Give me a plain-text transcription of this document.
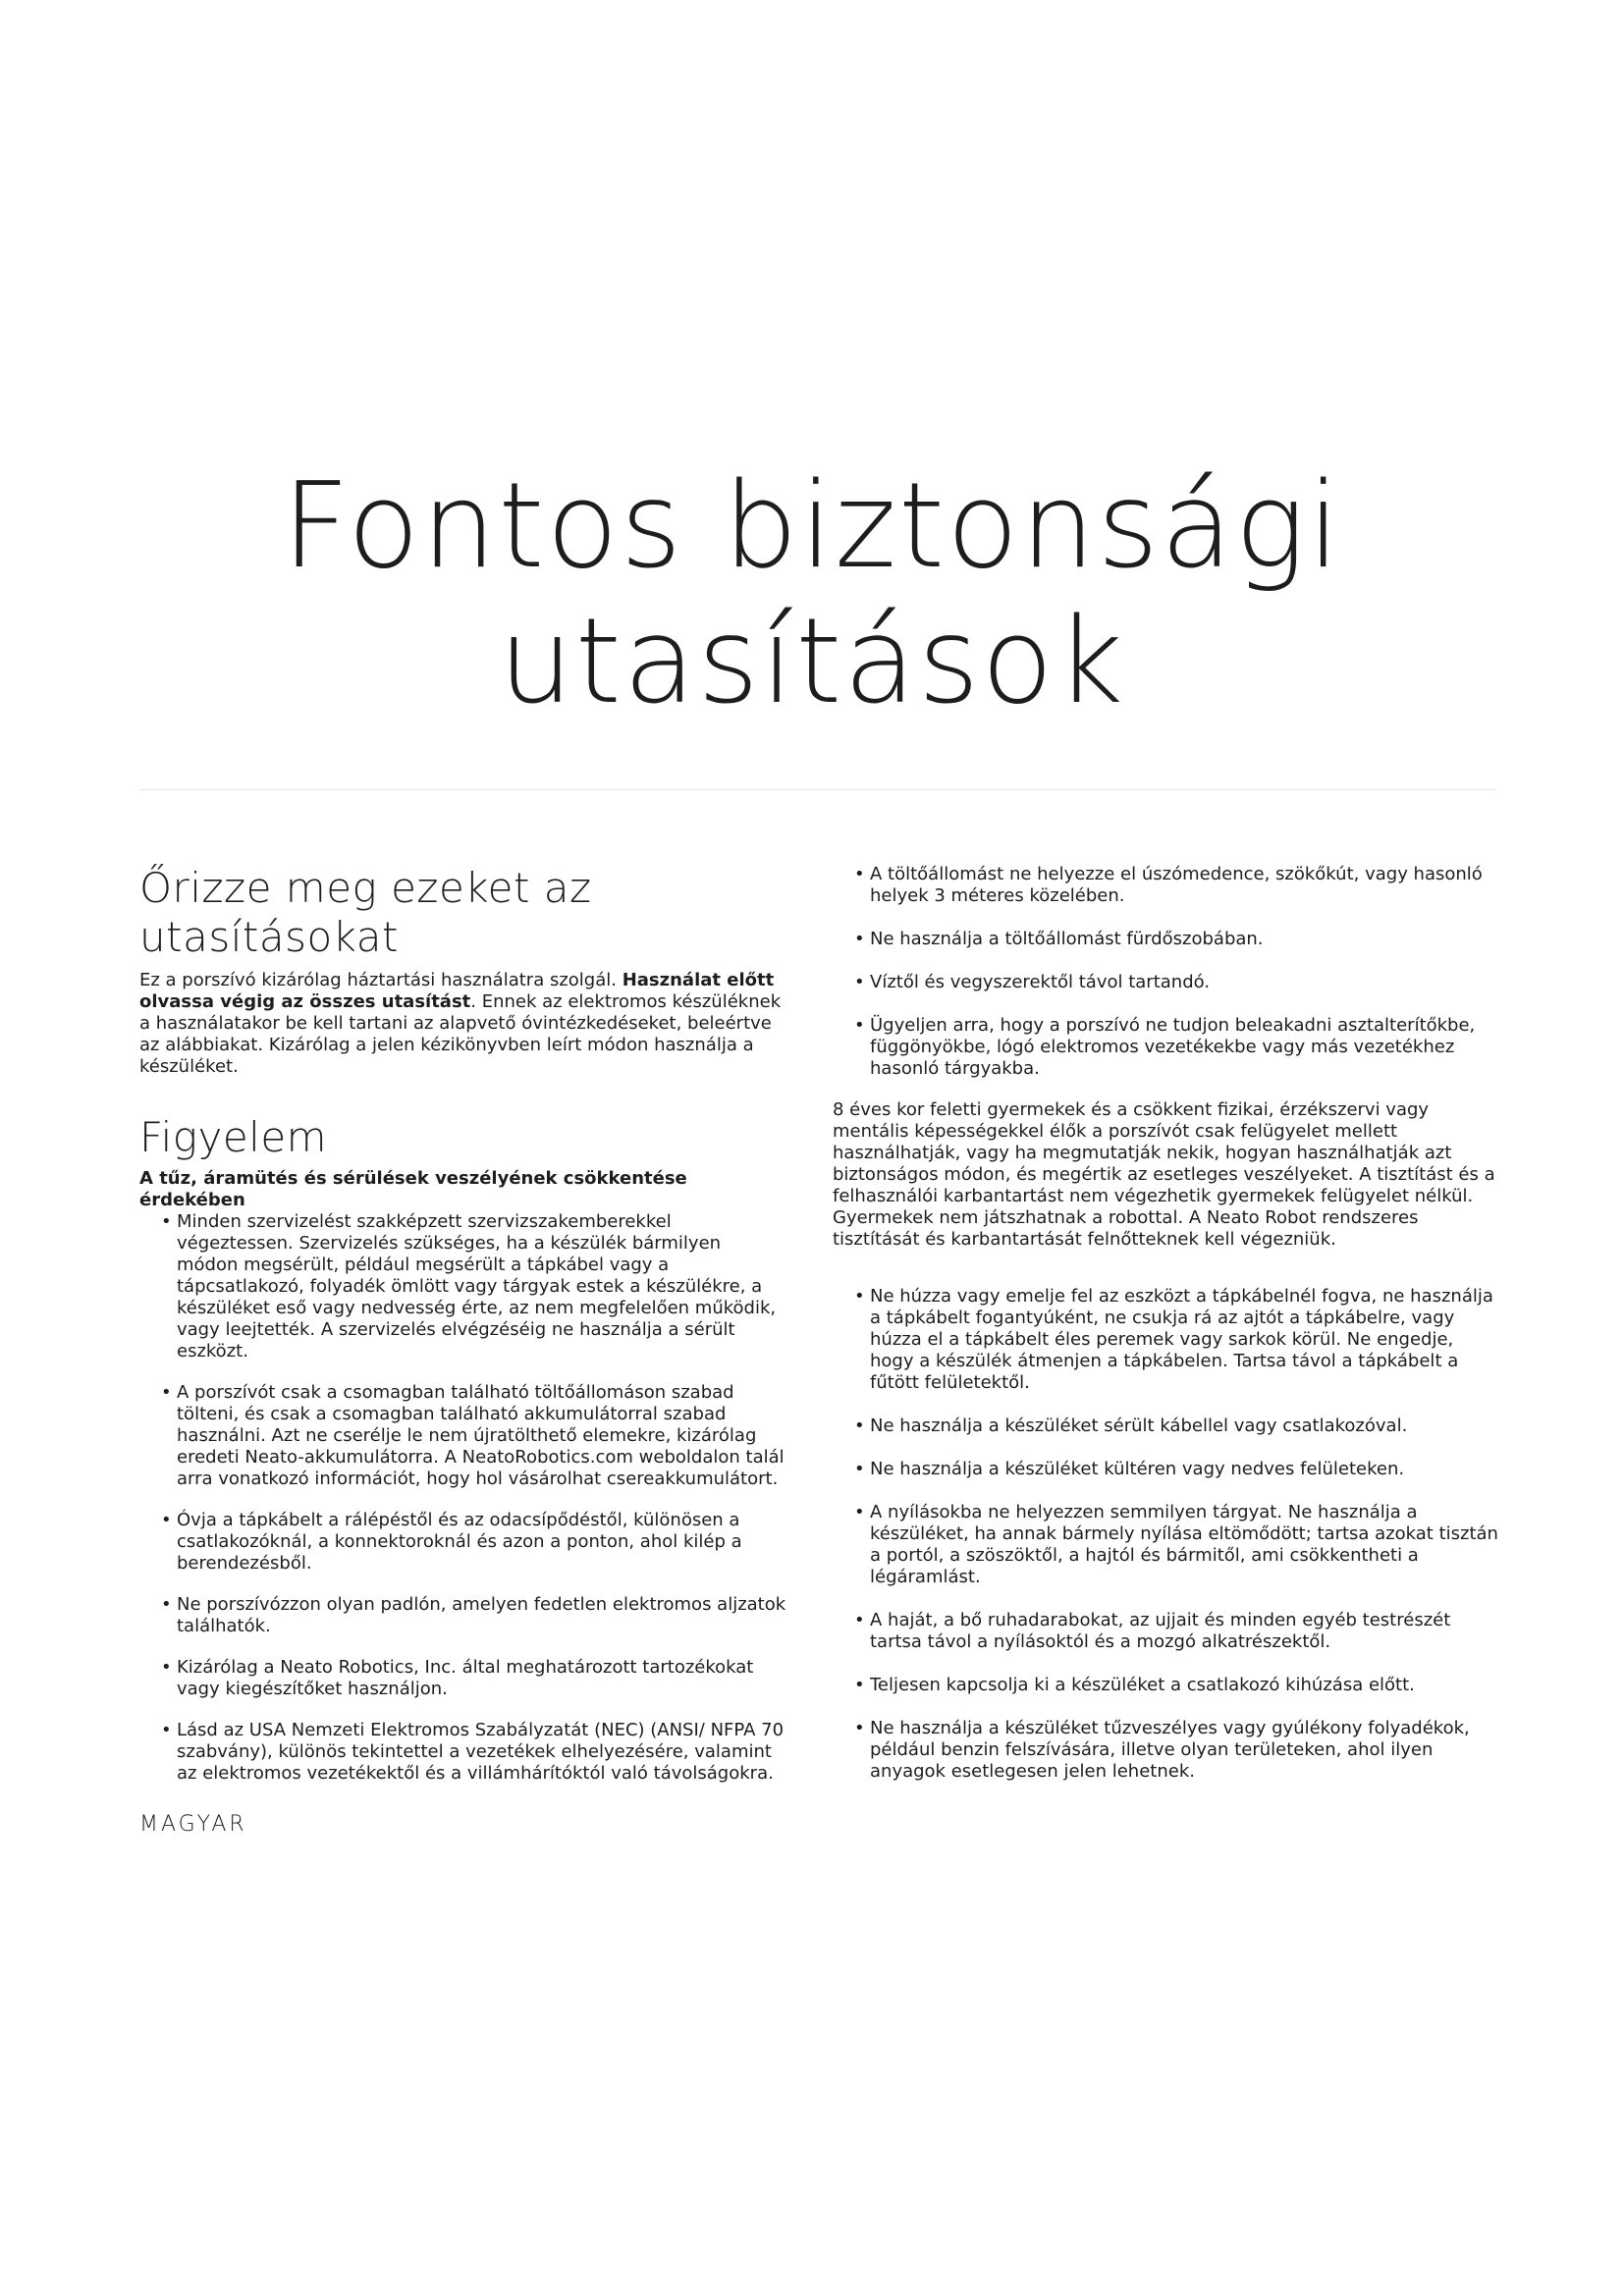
Fontos biztonsági
utasítások
Őrizze meg ezeket az utasításokat

Ez a porszívó kizárólag háztartási használatra szolgál. Használat előtt olvassa végig az összes utasítást. Ennek az elektromos készüléknek a használatakor be kell tartani az alapvető óvintézkedéseket, beleértve az alábbiakat. Kizárólag a jelen kézikönyvben leírt módon használja a készüléket.

Figyelem

A tűz, áramütés és sérülések veszélyének csökkentése érdekében

• Minden szervizelést szakképzett szervizszakemberekkel végeztessen. Szervizelés szükséges, ha a készülék bármilyen módon megsérült, például megsérült a tápkábel vagy a tápcsatlakozó, folyadék ömlött vagy tárgyak estek a készülékre, a készüléket eső vagy nedvesség érte, az nem megfelelően működik, vagy leejtették. A szervizelés elvégzéséig ne használja a sérült eszközt.
• A porszívót csak a csomagban található töltőállomáson szabad tölteni, és csak a csomagban található akkumulátorral szabad használni. Azt ne cserélje le nem újratölthető elemekre, kizárólag eredeti Neato-akkumulátorra. A NeatoRobotics.com weboldalon talál arra vonatkozó információt, hogy hol vásárolhat csereakkumulátort.
• Óvja a tápkábelt a rálépéstől és az odacsípődéstől, különösen a csatlakozóknál, a konnektoroknál és azon a ponton, ahol kilép a berendezésből.
• Ne porszívózzon olyan padlón, amelyen fedetlen elektromos aljzatok találhatók.
• Kizárólag a Neato Robotics, Inc. által meghatározott tartozékokat vagy kiegészítőket használjon.
• Lásd az USA Nemzeti Elektromos Szabályzatát (NEC) (ANSI/ NFPA 70 szabvány), különös tekintettel a vezetékek elhelyezésére, valamint az elektromos vezetékektől és a villámhárítóktól való távolságokra.
• A töltőállomást ne helyezze el úszómedence, szökőkút, vagy hasonló helyek 3 méteres közelében.
• Ne használja a töltőállomást fürdőszobában.
• Víztől és vegyszerektől távol tartandó.
• Ügyeljen arra, hogy a porszívó ne tudjon beleakadni asztalterítőkbe, függönyökbe, lógó elektromos vezetékekbe vagy más vezetékhez hasonló tárgyakba.

8 éves kor feletti gyermekek és a csökkent fizikai, érzékszervi vagy mentális képességekkel élők a porszívót csak felügyelet mellett használhatják, vagy ha megmutatják nekik, hogyan használhatják azt biztonságos módon, és megértik az esetleges veszélyeket. A tisztítást és a felhasználói karbantartást nem végezhetik gyermekek felügyelet nélkül. Gyermekek nem játszhatnak a robottal. A Neato Robot rendszeres tisztítását és karbantartását felnőtteknek kell végezniük.

• Ne húzza vagy emelje fel az eszközt a tápkábelnél fogva, ne használja a tápkábelt fogantyúként, ne csukja rá az ajtót a tápkábelre, vagy húzza el a tápkábelt éles peremek vagy sarkok körül. Ne engedje, hogy a készülék átmenjen a tápkábelen. Tartsa távol a tápkábelt a fűtött felületektől.
• Ne használja a készüléket sérült kábellel vagy csatlakozóval.
• Ne használja a készüléket kültéren vagy nedves felületeken.
• A nyílásokba ne helyezzen semmilyen tárgyat. Ne használja a készüléket, ha annak bármely nyílása eltömődött; tartsa azokat tisztán a portól, a szöszöktől, a hajtól és bármitől, ami csökkentheti a légáramlást.
• A haját, a bő ruhadarabokat, az ujjait és minden egyéb testrészét tartsa távol a nyílásoktól és a mozgó alkatrészektől.
• Teljesen kapcsolja ki a készüléket a csatlakozó kihúzása előtt.
• Ne használja a készüléket tűzveszélyes vagy gyúlékony folyadékok, például benzin felszívására, illetve olyan területeken, ahol ilyen anyagok esetlegesen jelen lehetnek.
MAGYAR
